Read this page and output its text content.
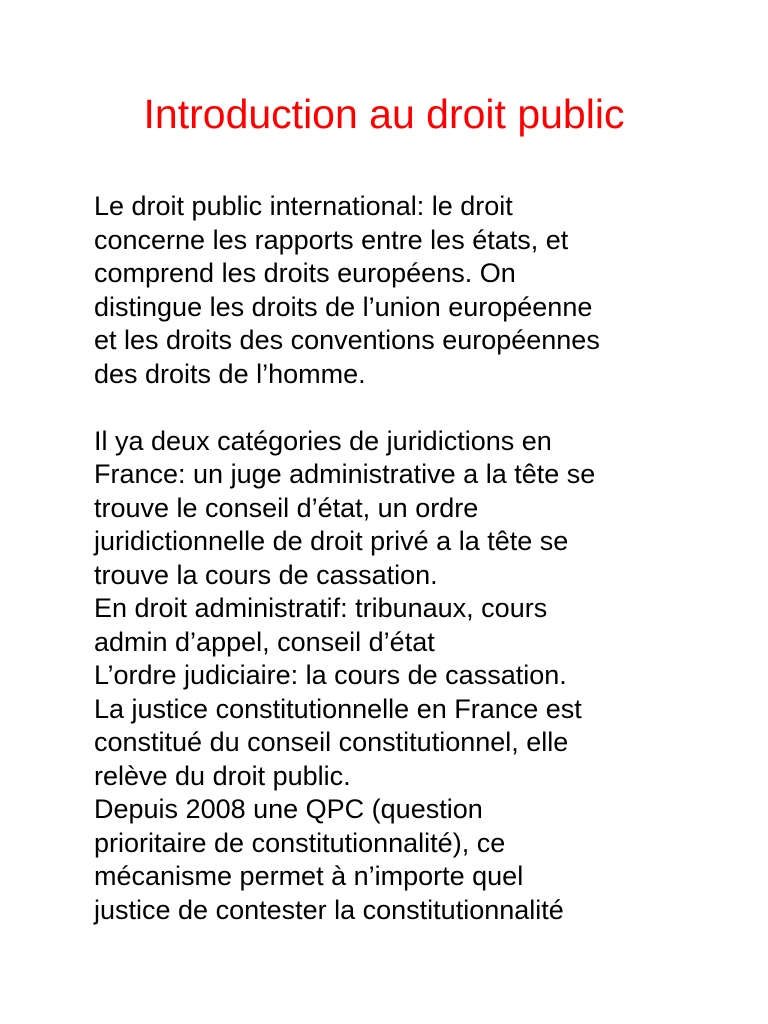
Introduction au droit public

Le droit public international: le droit
concerne les rapports entre les états, et
comprend les droits européens. On
distingue les droits de l’union européenne
et les droits des conventions européennes
des droits de l’homme.

Il ya deux catégories de juridictions en
France: un juge administrative a la tête se
trouve le conseil d’état, un ordre
juridictionnelle de droit privé a la tête se
trouve la cours de cassation.
En droit administratif: tribunaux, cours
admin d’appel, conseil d’état
L’ordre judiciaire: la cours de cassation.
La justice constitutionnelle en France est
constitué du conseil constitutionnel, elle
relève du droit public.
Depuis 2008 une QPC (question
prioritaire de constitutionnalité), ce
mécanisme permet à n’importe quel
justice de contester la constitutionnalité
